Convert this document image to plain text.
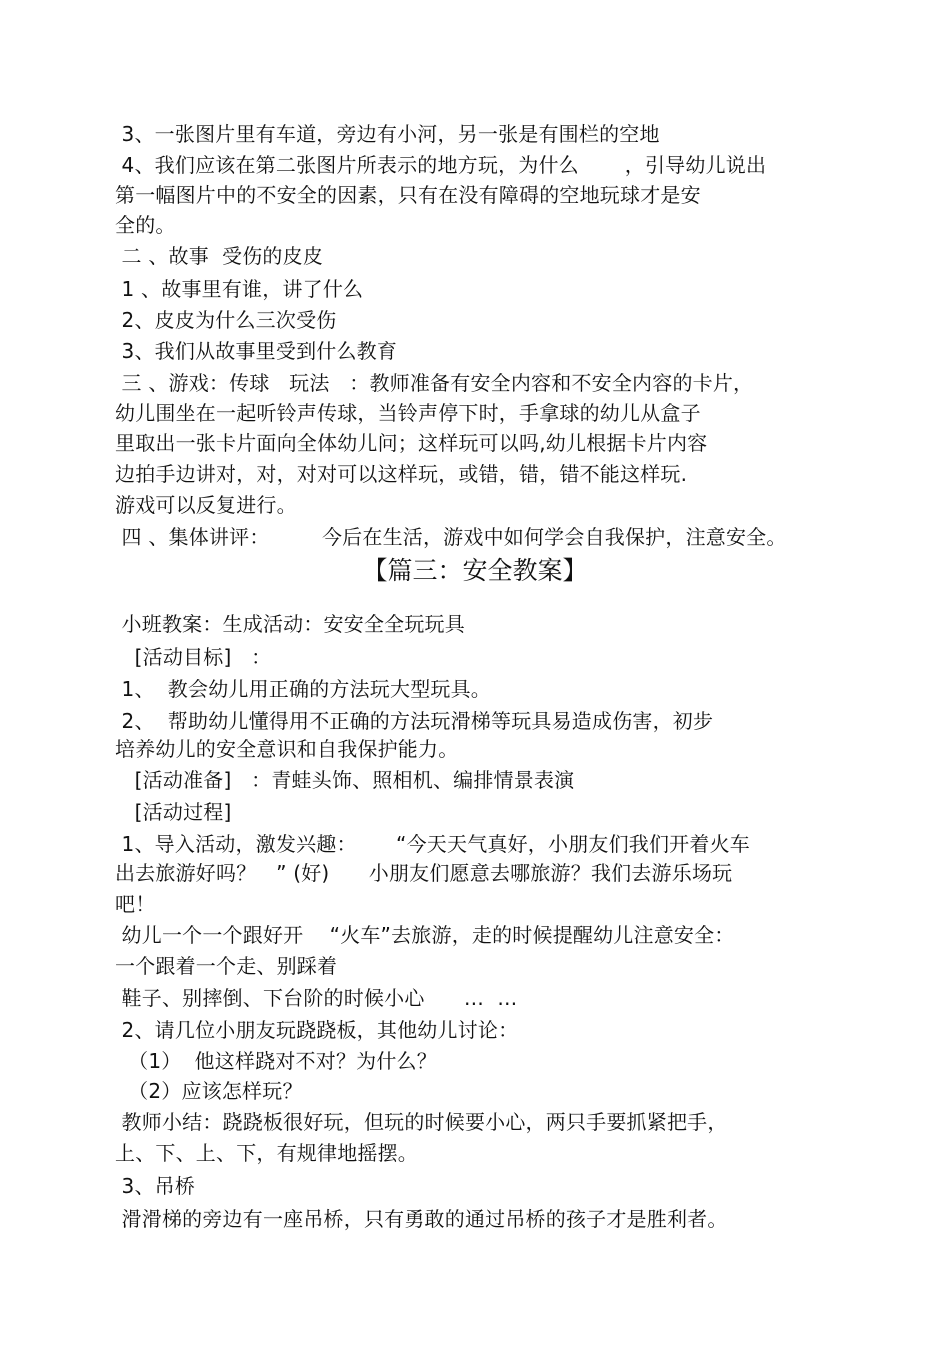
3、一张图片里有车道，旁边有小河，另一张是有围栏的空地
4、我们应该在第二张图片所表示的地方玩，为什么       ，引导幼儿说出
第一幅图片中的不安全的因素，只有在没有障碍的空地玩球才是安
全的。
二 、故事  受伤的皮皮
1 、故事里有谁，讲了什么
2、皮皮为什么三次受伤
3、我们从故事里受到什么教育
三 、游戏：传球   玩法   ：教师准备有安全内容和不安全内容的卡片，
幼儿围坐在一起听铃声传球，当铃声停下时，手拿球的幼儿从盒子
里取出一张卡片面向全体幼儿问；这样玩可以吗,幼儿根据卡片内容
边拍手边讲对，对，对对可以这样玩，或错，错，错不能这样玩.
游戏可以反复进行。
四 、集体讲评：        今后在生活，游戏中如何学会自我保护，注意安全。
【篇三：安全教案】
小班教案：生成活动：安安全全玩玩具
[活动目标]   ：
1、  教会幼儿用正确的方法玩大型玩具。
2、  帮助幼儿懂得用不正确的方法玩滑梯等玩具易造成伤害，初步
培养幼儿的安全意识和自我保护能力。
[活动准备]   ：青蛙头饰、照相机、编排情景表演
[活动过程]
1、导入活动，激发兴趣：      “今天天气真好，小朋友们我们开着火车
出去旅游好吗？   ” (好)      小朋友们愿意去哪旅游？我们去游乐场玩
吧！
幼儿一个一个跟好开    “火车”去旅游，走的时候提醒幼儿注意安全：
一个跟着一个走、别踩着
鞋子、别摔倒、下台阶的时候小心      …  …
2、请几位小朋友玩跷跷板，其他幼儿讨论：
（1）  他这样跷对不对？为什么？
（2）应该怎样玩？
教师小结：跷跷板很好玩，但玩的时候要小心，两只手要抓紧把手，
上、下、上、下，有规律地摇摆。
3、吊桥
滑滑梯的旁边有一座吊桥，只有勇敢的通过吊桥的孩子才是胜利者。
